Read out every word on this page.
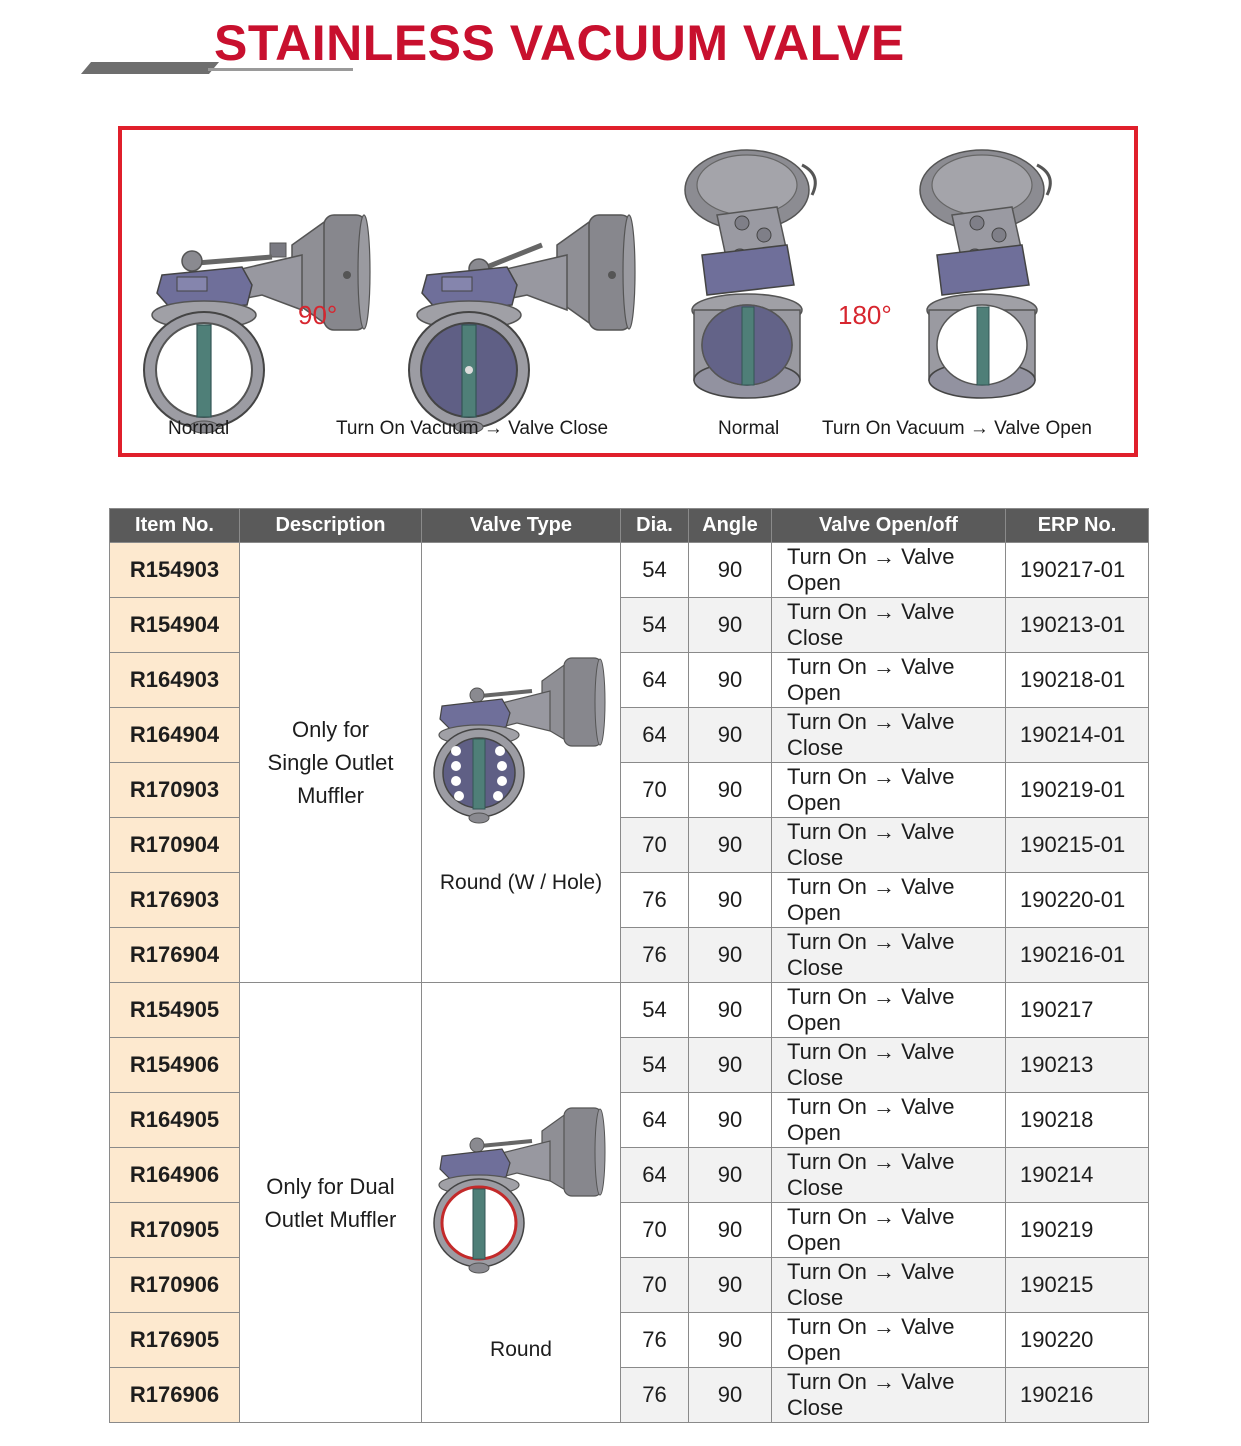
STAINLESS VACUUM VALVE
90°	180°
Normal	Turn On Vacuum → Valve Close	Normal Turn On Vacuum → Valve Open
Item No.	Description	Valve Type	Dia.	Angle	Valve Open/off	ERP No.
R154903	Only for Single Outlet Muffler	Round (W / Hole)	54	90	Turn On → Valve Open	190217-01
R154904			54	90	Turn On → Valve Close	190213-01
R164903			64	90	Turn On → Valve Open	190218-01
R164904			64	90	Turn On → Valve Close	190214-01
R170903			70	90	Turn On → Valve Open	190219-01
R170904			70	90	Turn On → Valve Close	190215-01
R176903			76	90	Turn On → Valve Open	190220-01
R176904			76	90	Turn On → Valve Close	190216-01
R154905	Only for Dual Outlet Muffler	Round	54	90	Turn On → Valve Open	190217
R154906			54	90	Turn On → Valve Close	190213
R164905			64	90	Turn On → Valve Open	190218
R164906			64	90	Turn On → Valve Close	190214
R170905			70	90	Turn On → Valve Open	190219
R170906			70	90	Turn On → Valve Close	190215
R176905			76	90	Turn On → Valve Open	190220
R176906			76	90	Turn On → Valve Close	190216
